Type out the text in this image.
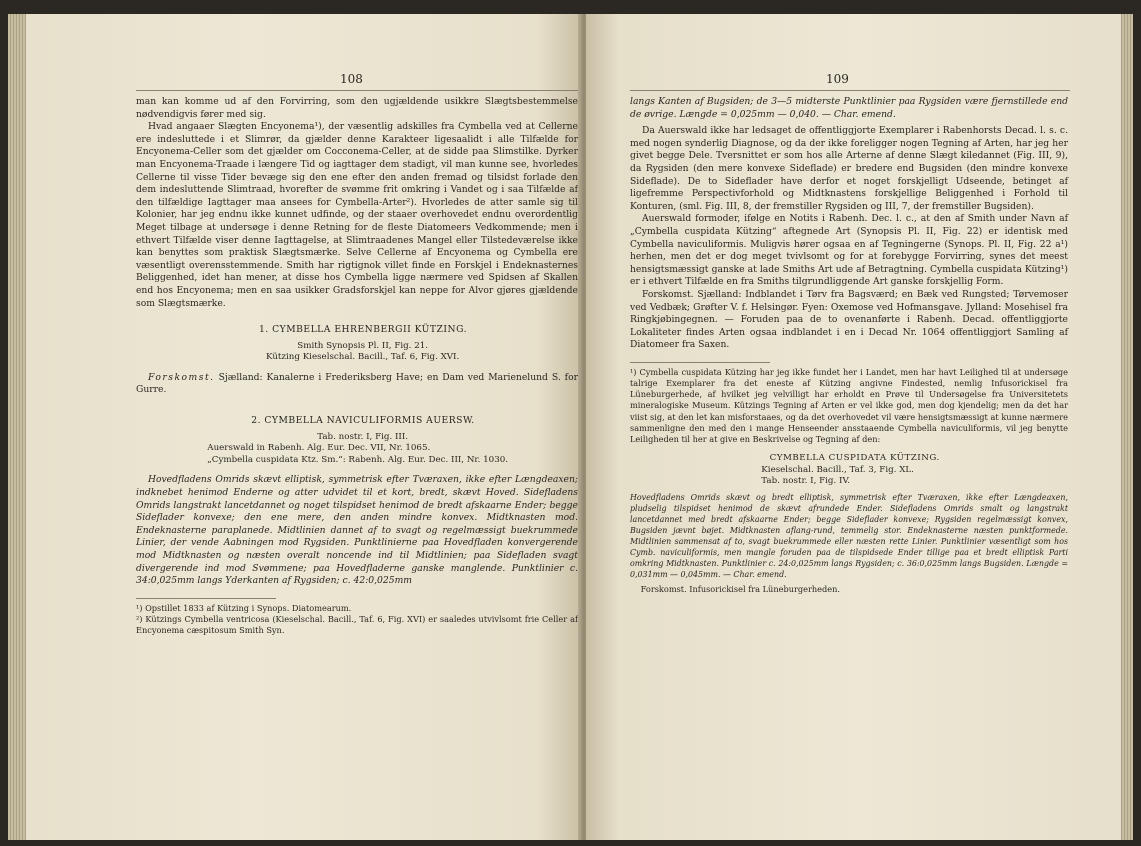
108

man kan komme ud af den Forvirring, som den ugjældende usikkre Slægtsbestemmelse nødvendigvis fører med sig.

Hvad angaaer Slægten Encyonema¹), der væsentlig adskilles fra Cymbella ved at Cellerne ere indesluttede i et Slimrør, da gjælder denne Karakteer ligesaalidt i alle Tilfælde for Encyonema-Celler som det gjælder om Cocconema-Celler, at de sidde paa Slimstilke. Dyrker man Encyonema-Traade i længere Tid og iagttager dem stadigt, vil man kunne see, hvorledes Cellerne til visse Tider bevæge sig den ene efter den anden fremad og tilsidst forlade den dem indesluttende Slimtraad, hvorefter de svømme frit omkring i Vandet og i saa Tilfælde af den tilfældige Iagttager maa ansees for Cymbella-Arter²). Hvorledes de atter samle sig til Kolonier, har jeg endnu ikke kunnet udfinde, og der staaer overhovedet endnu overordentlig Meget tilbage at undersøge i denne Retning for de fleste Diatomeers Vedkommende; men i ethvert Tilfælde viser denne Iagttagelse, at Slimtraadenes Mangel eller Tilstedeværelse ikke kan benyttes som praktisk Slægtsmærke. Selve Cellerne af Encyonema og Cymbella ere væsentligt overensstemmende. Smith har rigtignok villet finde en Forskjel i Endeknasternes Beliggenhed, idet han mener, at disse hos Cymbella ligge nærmere ved Spidsen af Skallen end hos Encyonema; men en saa usikker Gradsforskjel kan neppe for Alvor gjøres gjældende som Slægtsmærke.

1. CYMBELLA EHRENBERGII KÜTZING.

Smith Synopsis Pl. II, Fig. 21.

Kützing Kieselschal. Bacill., Taf. 6, Fig. XVI.

Forskomst. Sjælland: Kanalerne i Frederiksberg Have; en Dam ved Marienelund S. for Gurre.

2. CYMBELLA NAVICULIFORMIS AUERSW.

Tab. nostr. I, Fig. III.

Auerswald in Rabenh. Alg. Eur. Dec. VII, Nr. 1065.

„Cymbella cuspidata Ktz. Sm.“: Rabenh. Alg. Eur. Dec. III, Nr. 1030.

Hovedfladens Omrids skævt elliptisk, symmetrisk efter Tværaxen, ikke efter Længdeaxen; indknebet henimod Enderne og atter udvidet til et kort, bredt, skævt Hoved. Sidefladens Omrids langstrakt lancetdannet og noget tilspidset henimod de bredt afskaarne Ender; begge Sideflader konvexe; den ene mere, den anden mindre konvex. Midtknasten mod. Endeknasterne paraplanede. Midtlinien dannet af to svagt og regelmæssigt buekrummede Linier, der vende Aabningen mod Rygsiden. Punktlinierne paa Hovedfladen konvergerende mod Midtknasten og næsten overalt noncende ind til Midtlinien; paa Sidefladen svagt divergerende ind mod Svømmene; paa Hovedfladerne ganske manglende. Punktlinier c. 34:0,025mm langs Yderkanten af Rygsiden; c. 42:0,025mm

¹) Opstillet 1833 af Kützing i Synops. Diatomearum.

²) Kützings Cymbella ventricosa (Kieselschal. Bacill., Taf. 6, Fig. XVI) er saaledes utvivlsomt frie Celler af Encyonema cæspitosum Smith Syn.

109

langs Kanten af Bugsiden; de 3—5 midterste Punktlinier paa Rygsiden være fjernstillede end de øvrige. Længde = 0,025mm — 0,040. — Char. emend.

Da Auerswald ikke har ledsaget de offentliggjorte Exemplarer i Rabenhorsts Decad. l. s. c. med nogen synderlig Diagnose, og da der ikke foreligger nogen Tegning af Arten, har jeg her givet begge Dele. Tversnittet er som hos alle Arterne af denne Slægt kiledannet (Fig. III, 9), da Rygsiden (den mere konvexe Sideflade) er bredere end Bugsiden (den mindre konvexe Sideflade). De to Sideflader have derfor et noget forskjelligt Udseende, betinget af ligefremme Perspectivforhold og Midtknastens forskjellige Beliggenhed i Forhold til Konturen, (sml. Fig. III, 8, der fremstiller Rygsiden og III, 7, der fremstiller Bugsiden).

Auerswald formoder, ifølge en Notits i Rabenh. Dec. l. c., at den af Smith under Navn af „Cymbella cuspidata Kützing“ aftegnede Art (Synopsis Pl. II, Fig. 22) er identisk med Cymbella naviculiformis. Muligvis hører ogsaa en af Tegningerne (Synops. Pl. II, Fig. 22 a¹) herhen, men det er dog meget tvivlsomt og for at forebygge Forvirring, synes det meest hensigtsmæssigt ganske at lade Smiths Art ude af Betragtning. Cymbella cuspidata Kützing¹) er i ethvert Tilfælde en fra Smiths tilgrundliggende Art ganske forskjellig Form.

Forskomst. Sjælland: Indblandet i Tørv fra Bagsværd; en Bæk ved Rungsted; Tørvemoser ved Vedbæk; Grøfter V. f. Helsingør. Fyen: Oxemose ved Hofmansgave. Jylland: Mosehisel fra Ringkjøbingegnen. — Foruden paa de to ovenanførte i Rabenh. Decad. offentliggjorte Lokaliteter findes Arten ogsaa indblandet i en i Decad Nr. 1064 offentliggjort Samling af Diatomeer fra Saxen.

¹) Cymbella cuspidata Kützing har jeg ikke fundet her i Landet, men har havt Leilighed til at undersøge talrige Exemplarer fra det eneste af Kützing angivne Findested, nemlig Infusorickisel fra Lüneburgerhede, af hvilket jeg velvilligt har erholdt en Prøve til Undersøgelse fra Universitetets mineralogiske Museum. Kützings Tegning af Arten er vel ikke god, men dog kjendelig; men da det har viist sig, at den let kan misforstaaes, og da det overhovedet vil være hensigtsmæssigt at kunne nærmere sammenligne den med den i mange Henseender ansstaaende Cymbella naviculiformis, vil jeg benytte Leiligheden til her at give en Beskrivelse og Tegning af den:

CYMBELLA CUSPIDATA KÜTZING.

Kieselschal. Bacill., Taf. 3, Fig. XL.

Tab. nostr. I, Fig. IV.

Hovedfladens Omrids skævt og bredt elliptisk, symmetrisk efter Tværaxen, ikke efter Længdeaxen, pludselig tilspidset henimod de skævt afrundede Ender. Sidefladens Omrids smalt og langstrakt lancetdannet med bredt afskaarne Ender; begge Sideflader konvexe; Rygsiden regelmæssigt konvex, Bugsiden jævnt bøjet. Midtknasten aflang-rund, temmelig stor. Endeknasterne næsten punktformede. Midtlinien sammensat af to, svagt buekrummede eller næsten rette Linier. Punktlinier væsentligt som hos Cymb. naviculiformis, men mangle foruden paa de tilspidsede Ender tillige paa et bredt elliptisk Parti omkring Midtknasten. Punktlinier c. 24:0,025mm langs Rygsiden; c. 36:0,025mm langs Bugsiden. Længde = 0,031mm — 0,045mm. — Char. emend.

Forskomst. Infusorickisel fra Lüneburgerheden.
